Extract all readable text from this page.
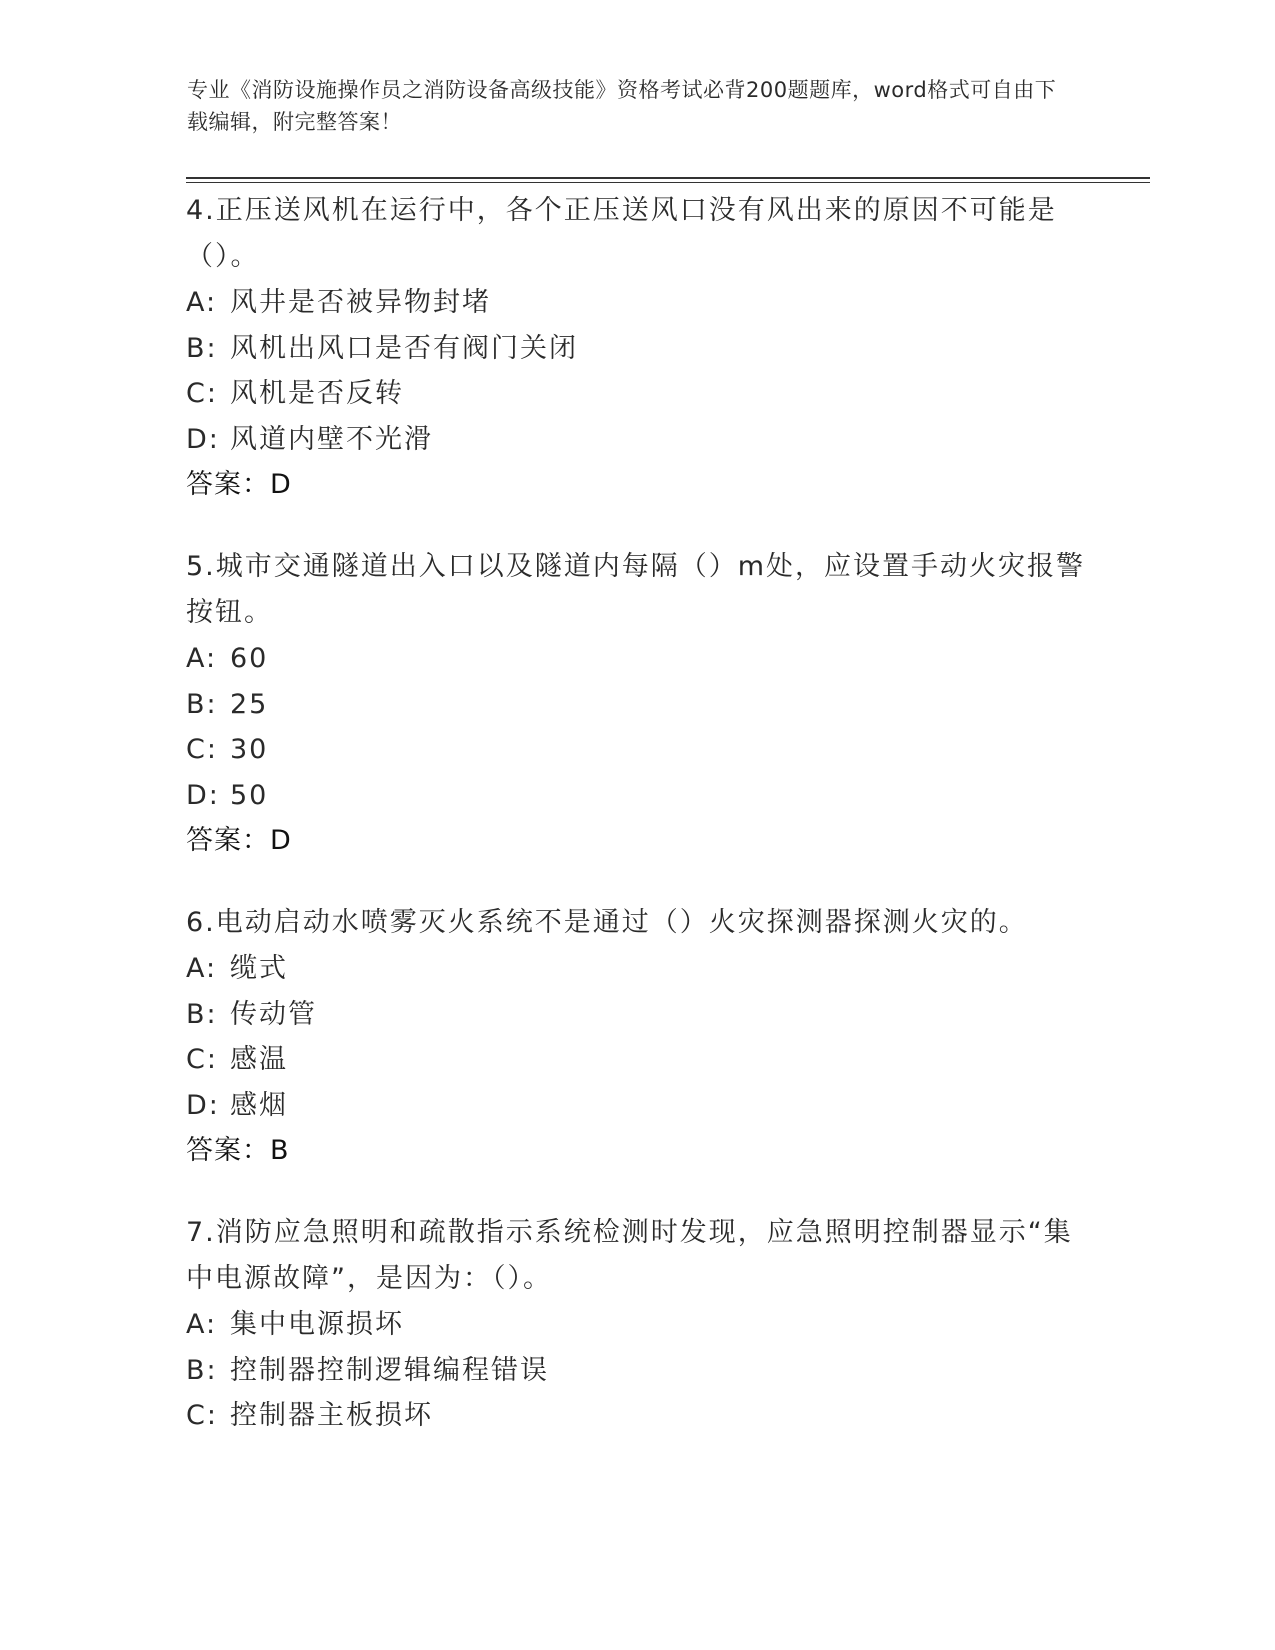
专业《消防设施操作员之消防设备高级技能》资格考试必背200题题库，word格式可自由下载编辑，附完整答案！
4.正压送风机在运行中，各个正压送风口没有风出来的原因不可能是（）。
A: 风井是否被异物封堵
B: 风机出风口是否有阀门关闭
C: 风机是否反转
D: 风道内壁不光滑
答案：D
5.城市交通隧道出入口以及隧道内每隔（）m处，应设置手动火灾报警按钮。
A: 60
B: 25
C: 30
D: 50
答案：D
6.电动启动水喷雾灭火系统不是通过（）火灾探测器探测火灾的。
A: 缆式
B: 传动管
C: 感温
D: 感烟
答案：B
7.消防应急照明和疏散指示系统检测时发现，应急照明控制器显示“集中电源故障”，是因为：（）。
A: 集中电源损坏
B: 控制器控制逻辑编程错误
C: 控制器主板损坏
